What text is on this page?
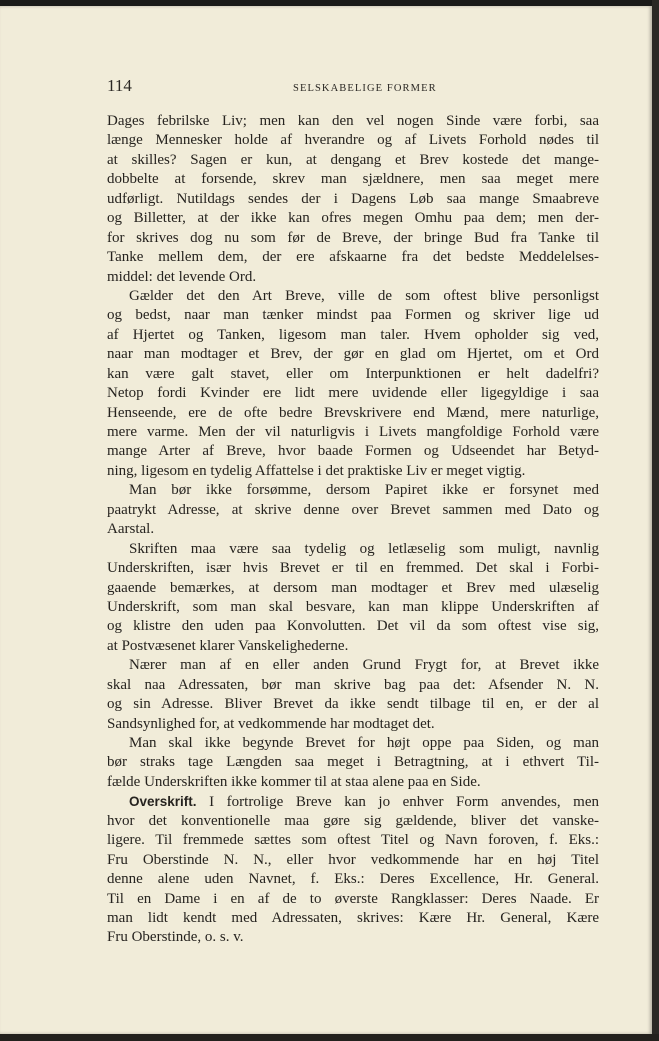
114	SELSKABELIGE FORMER
Dages febrilske Liv; men kan den vel nogen Sinde være forbi, saa
længe Mennesker holde af hverandre og af Livets Forhold nødes til
at skilles? Sagen er kun, at dengang et Brev kostede det mange-
dobbelte at forsende, skrev man sjældnere, men saa meget mere
udførligt. Nutildags sendes der i Dagens Løb saa mange Smaabreve
og Billetter, at der ikke kan ofres megen Omhu paa dem; men der-
for skrives dog nu som før de Breve, der bringe Bud fra Tanke til
Tanke mellem dem, der ere afskaarne fra det bedste Meddelelses-
middel: det levende Ord.
Gælder det den Art Breve, ville de som oftest blive personligst
og bedst, naar man tænker mindst paa Formen og skriver lige ud
af Hjertet og Tanken, ligesom man taler. Hvem opholder sig ved,
naar man modtager et Brev, der gør en glad om Hjertet, om et Ord
kan være galt stavet, eller om Interpunktionen er helt dadelfri?
Netop fordi Kvinder ere lidt mere uvidende eller ligegyldige i saa
Henseende, ere de ofte bedre Brevskrivere end Mænd, mere naturlige,
mere varme. Men der vil naturligvis i Livets mangfoldige Forhold være
mange Arter af Breve, hvor baade Formen og Udseendet har Betyd-
ning, ligesom en tydelig Affattelse i det praktiske Liv er meget vigtig.
Man bør ikke forsømme, dersom Papiret ikke er forsynet med
paatrykt Adresse, at skrive denne over Brevet sammen med Dato og
Aarstal.
Skriften maa være saa tydelig og letlæselig som muligt, navnlig
Underskriften, især hvis Brevet er til en fremmed. Det skal i Forbi-
gaaende bemærkes, at dersom man modtager et Brev med ulæselig
Underskrift, som man skal besvare, kan man klippe Underskriften af
og klistre den uden paa Konvolutten. Det vil da som oftest vise sig,
at Postvæsenet klarer Vanskelighederne.
Nærer man af en eller anden Grund Frygt for, at Brevet ikke
skal naa Adressaten, bør man skrive bag paa det: Afsender N. N.
og sin Adresse. Bliver Brevet da ikke sendt tilbage til en, er der al
Sandsynlighed for, at vedkommende har modtaget det.
Man skal ikke begynde Brevet for højt oppe paa Siden, og man
bør straks tage Længden saa meget i Betragtning, at i ethvert Til-
fælde Underskriften ikke kommer til at staa alene paa en Side.
Overskrift. I fortrolige Breve kan jo enhver Form anvendes, men
hvor det konventionelle maa gøre sig gældende, bliver det vanske-
ligere. Til fremmede sættes som oftest Titel og Navn foroven, f. Eks.:
Fru Oberstinde N. N., eller hvor vedkommende har en høj Titel
denne alene uden Navnet, f. Eks.: Deres Excellence, Hr. General.
Til en Dame i en af de to øverste Rangklasser: Deres Naade. Er
man lidt kendt med Adressaten, skrives: Kære Hr. General, Kære
Fru Oberstinde, o. s. v.
